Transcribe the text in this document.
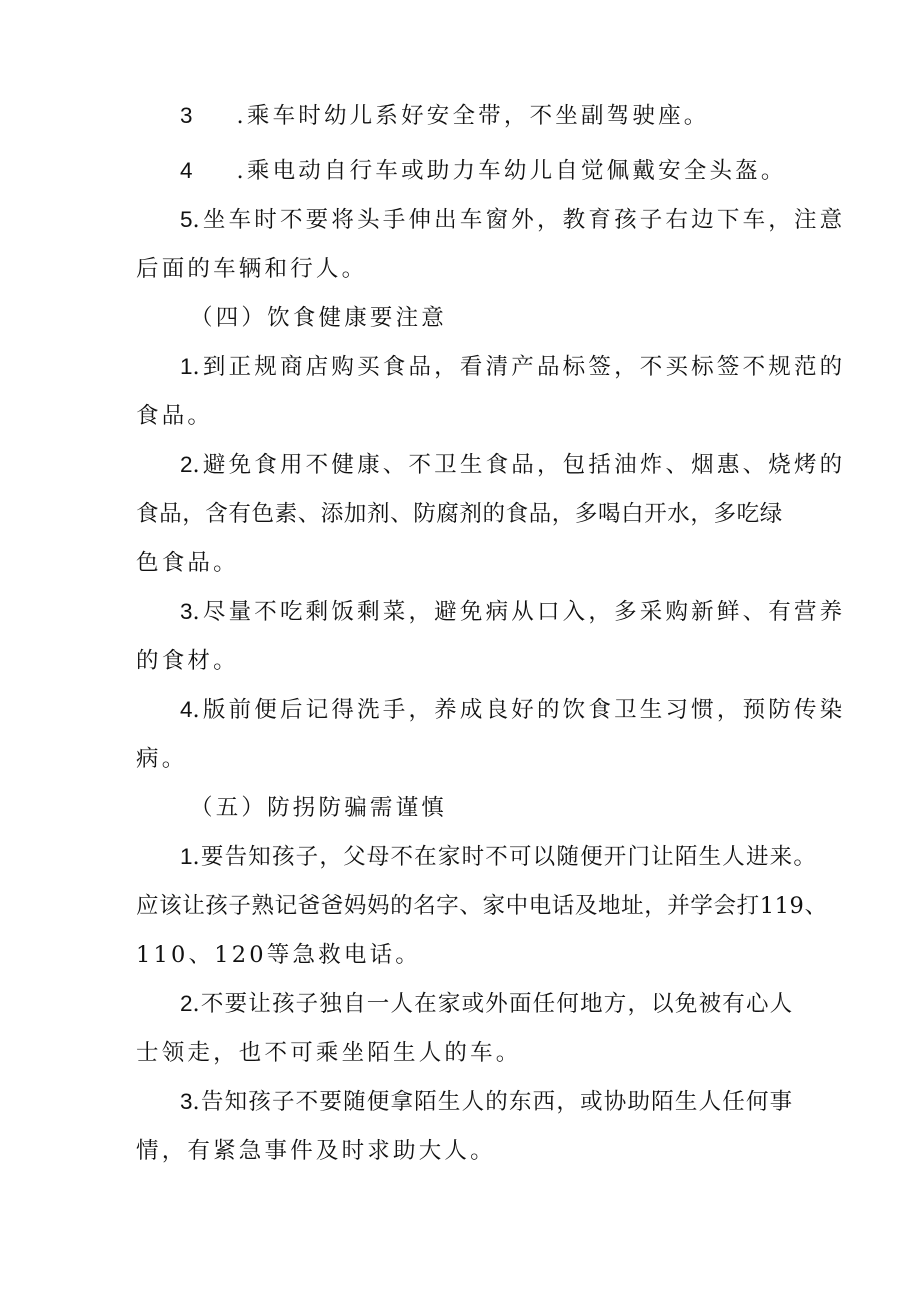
3 .乘车时幼儿系好安全带，不坐副驾驶座。
4 .乘电动自行车或助力车幼儿自觉佩戴安全头盔。
5.坐车时不要将头手伸出车窗外，教育孩子右边下车，注意
后面的车辆和行人。
（四）饮食健康要注意
1.到正规商店购买食品，看清产品标签，不买标签不规范的
食品。
2.避免食用不健康、不卫生食品，包括油炸、烟惠、烧烤的
食品，含有色素、添加剂、防腐剂的食品，多喝白开水，多吃绿
色食品。
3.尽量不吃剩饭剩菜，避免病从口入，多采购新鲜、有营养
的食材。
4.版前便后记得洗手，养成良好的饮食卫生习惯，预防传染
病。
（五）防拐防骗需谨慎
1.要告知孩子，父母不在家时不可以随便开门让陌生人进来。
应该让孩子熟记爸爸妈妈的名字、家中电话及地址，并学会打119、
110、120等急救电话。
2.不要让孩子独自一人在家或外面任何地方，以免被有心人
士领走，也不可乘坐陌生人的车。
3.告知孩子不要随便拿陌生人的东西，或协助陌生人任何事
情，有紧急事件及时求助大人。
